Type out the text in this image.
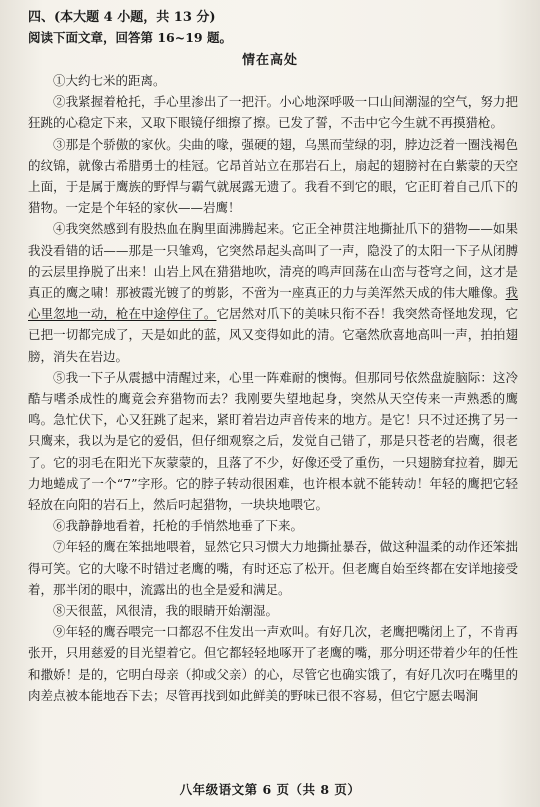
四、(本大题 4 小题，共 13 分)
阅读下面文章，回答第 16~19 题。
情在高处

①大约七米的距离。

②我紧握着枪托，手心里渗出了一把汗。小心地深呼吸一口山间潮湿的空气，努力把狂跳的心稳定下来，又取下眼镜仔细擦了擦。已发了誓，不击中它今生就不再摸猎枪。

③那是个骄傲的家伙。尖曲的喙，强硬的翅，乌黑而莹绿的羽，脖边泛着一圈浅褐色的纹锦，就像古希腊勇士的桂冠。它昂首站立在那岩石上，扇起的翅膀衬在白紫蒙的天空上面，于是属于鹰族的野悍与霸气就展露无遗了。我看不到它的眼，它正盯着自己爪下的猎物。一定是个年轻的家伙——岩鹰！

④我突然感到有股热血在胸里面沸腾起来。它正全神贯注地撕扯爪下的猎物——如果我没看错的话——那是一只雏鸡，它突然昂起头高叫了一声，隐没了的太阳一下子从闭膊的云层里挣脱了出来！山岩上风在猎猎地吹，清亮的鸣声回荡在山峦与苍穹之间，这才是真正的鹰之啸！那被霞光镀了的剪影，不啻为一座真正的力与美浑然天成的伟大雕像。我心里忽地一动，枪在中途停住了。它居然对爪下的美味只衔不吞！我突然奇怪地发现，它已把一切都完成了，天是如此的蓝，风又变得如此的清。它毫然欣喜地高叫一声，拍拍翅膀，消失在岩边。

⑤我一下子从震撼中清醒过来，心里一阵难耐的懊悔。但那同号依然盘旋脑际：这冷酷与嗜杀成性的鹰竟会弃猎物而去？我刚要失望地起身，突然从天空传来一声熟悉的鹰鸣。急忙伏下，心又狂跳了起来，紧盯着岩边声音传来的地方。是它！只不过还携了另一只鹰来，我以为是它的爱侣，但仔细观察之后，发觉自己错了，那是只苍老的岩鹰，很老了。它的羽毛在阳光下灰蒙蒙的，且落了不少，好像还受了重伤，一只翅膀耷拉着，脚无力地蜷成了一个“7”字形。它的脖子转动很困难，也许根本就不能转动！年轻的鹰把它轻轻放在向阳的岩石上，然后叼起猎物，一块块地喂它。

⑥我静静地看着，托枪的手悄然地垂了下来。

⑦年轻的鹰在笨拙地喂着，显然它只习惯大力地撕扯暴吞，做这种温柔的动作还笨拙得可笑。它的大喙不时错过老鹰的嘴，有时还忘了松开。但老鹰自始至终都在安详地接受着，那半闭的眼中，流露出的也全是爱和满足。

⑧天很蓝，风很清，我的眼睛开始潮湿。

⑨年轻的鹰吞喂完一口都忍不住发出一声欢叫。有好几次，老鹰把嘴闭上了，不肯再张开，只用慈爱的目光望着它。但它都轻轻地啄开了老鹰的嘴，那分明还带着少年的任性和撒娇！是的，它明白母亲（抑或父亲）的心，尽管它也确实饿了，有好几次叼在嘴里的肉差点被本能地吞下去；尽管再找到如此鲜美的野味已很不容易，但它宁愿去喝涧

八年级语文第 6 页（共 8 页）
